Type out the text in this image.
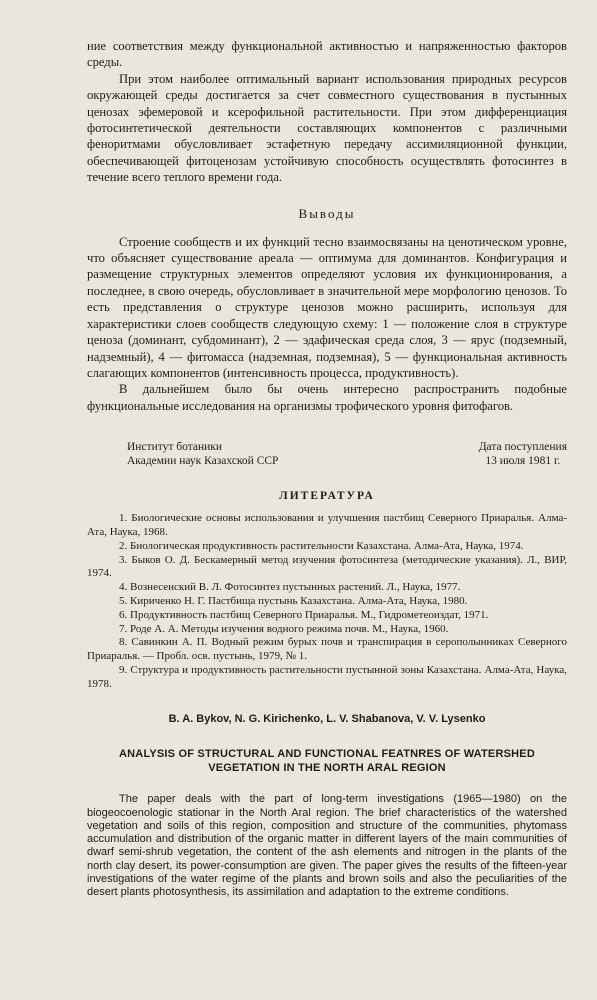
ние соответствия между функциональной активностью и напряженностью факторов среды.

При этом наиболее оптимальный вариант использования природных ресурсов окружающей среды достигается за счет совместного существования в пустынных ценозах эфемеровой и ксерофильной растительности. При этом дифференциация фотосинтетической деятельности составляющих компонентов с различными феноритмами обусловливает эстафетную передачу ассимиляционной функции, обеспечивающей фитоценозам устойчивую способность осуществлять фотосинтез в течение всего теплого времени года.

Выводы

Строение сообществ и их функций тесно взаимосвязаны на ценотическом уровне, что объясняет существование ареала — оптимума для доминантов. Конфигурация и размещение структурных элементов определяют условия их функционирования, а последнее, в свою очередь, обусловливает в значительной мере морфологию ценозов. То есть представления о структуре ценозов можно расширить, используя для характеристики слоев сообществ следующую схему: 1 — положение слоя в структуре ценоза (доминант, субдоминант), 2 — эдафическая среда слоя, 3 — ярус (подземный, надземный), 4 — фитомасса (надземная, подземная), 5 — функциональная активность слагающих компонентов (интенсивность процесса, продуктивность).

В дальнейшем было бы очень интересно распространить подобные функциональные исследования на организмы трофического уровня фитофагов.

Институт ботаники
Академии наук Казахской ССР
Дата поступления
13 июля 1981 г.
ЛИТЕРАТУРА
1. Биологические основы использования и улучшения пастбищ Северного Приаралья. Алма-Ата, Наука, 1968.
2. Биологическая продуктивность растительности Казахстана. Алма-Ата, Наука, 1974.
3. Быков О. Д. Бескамерный метод изучения фотосинтеза (методические указания). Л., ВИР, 1974.
4. Вознесенский В. Л. Фотосинтез пустынных растений. Л., Наука, 1977.
5. Кириченко Н. Г. Пастбища пустынь Казахстана. Алма-Ата, Наука, 1980.
6. Продуктивность пастбищ Северного Приаралья. М., Гидрометеоиздат, 1971.
7. Роде А. А. Методы изучения водного режима почв. М., Наука, 1960.
8. Савинкин А. П. Водный режим бурых почв и транспирация в серополынниках Северного Приаралья. — Пробл. осв. пустынь, 1979, № 1.
9. Структура и продуктивность растительности пустынной зоны Казахстана. Алма-Ата, Наука, 1978.
B. A. Bykov, N. G. Kirichenko, L. V. Shabanova, V. V. Lysenko
ANALYSIS OF STRUCTURAL AND FUNCTIONAL FEATNRES OF WATERSHED VEGETATION IN THE NORTH ARAL REGION

The paper deals with the part of long-term investigations (1965—1980) on the biogeocoenologic stationar in the North Aral region. The brief characteristics of the watershed vegetation and soils of this region, composition and structure of the communities, phytomass accumulation and distribution of the organic matter in different layers of the main communities of dwarf semi-shrub vegetation, the content of the ash elements and nitrogen in the plants of the north clay desert, its power-consumption are given. The paper gives the results of the fifteen-year investigations of the water regime of the plants and brown soils and also the peculiarities of the desert plants photosynthesis, its assimilation and adaptation to the extreme conditions.
